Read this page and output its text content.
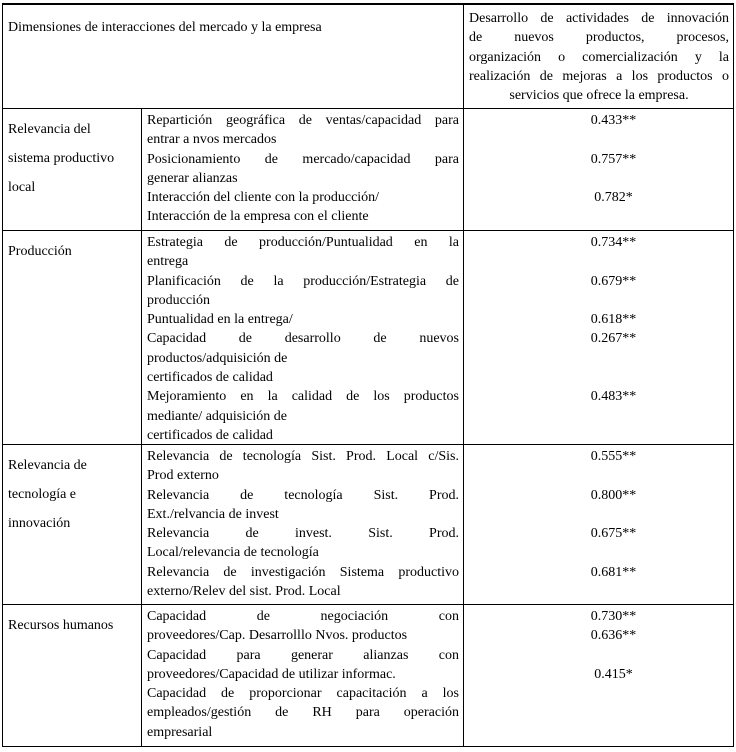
Dimensiones de interacciones del mercado y la empresa
Desarrollo de actividades de innovación
de nuevos productos, procesos,
organización o comercialización y la
realización de mejoras a los productos o
servicios que ofrece la empresa.
Relevancia del
sistema productivo
local
Repartición geográfica de ventas/capacidad para
entrar a nvos mercados
Posicionamiento de mercado/capacidad para
generar alianzas
Interacción del cliente con la producción/
Interacción de la empresa con el cliente
0.433**
0.757**
0.782*
Producción
Estrategia de producción/Puntualidad en la
entrega
Planificación de la producción/Estrategia de
producción
Puntualidad en la entrega/
Capacidad de desarrollo de nuevos
productos/adquisición de
certificados de calidad
Mejoramiento en la calidad de los productos
mediante/ adquisición de
certificados de calidad
0.734**
0.679**
0.618**
0.267**
0.483**
Relevancia de
tecnología e
innovación
Relevancia de tecnología Sist. Prod. Local c/Sis.
Prod externo
Relevancia de tecnología Sist. Prod.
Ext./relvancia de invest
Relevancia de invest. Sist. Prod.
Local/relevancia de tecnología
Relevancia de investigación Sistema productivo
externo/Relev del sist. Prod. Local
0.555**
0.800**
0.675**
0.681**
Recursos humanos
Capacidad de negociación con
proveedores/Cap. Desarrolllo Nvos. productos
Capacidad para generar alianzas con
proveedores/Capacidad de utilizar informac.
Capacidad de proporcionar capacitación a los
empleados/gestión de RH para operación
empresarial
0.730**
0.636**
0.415*
